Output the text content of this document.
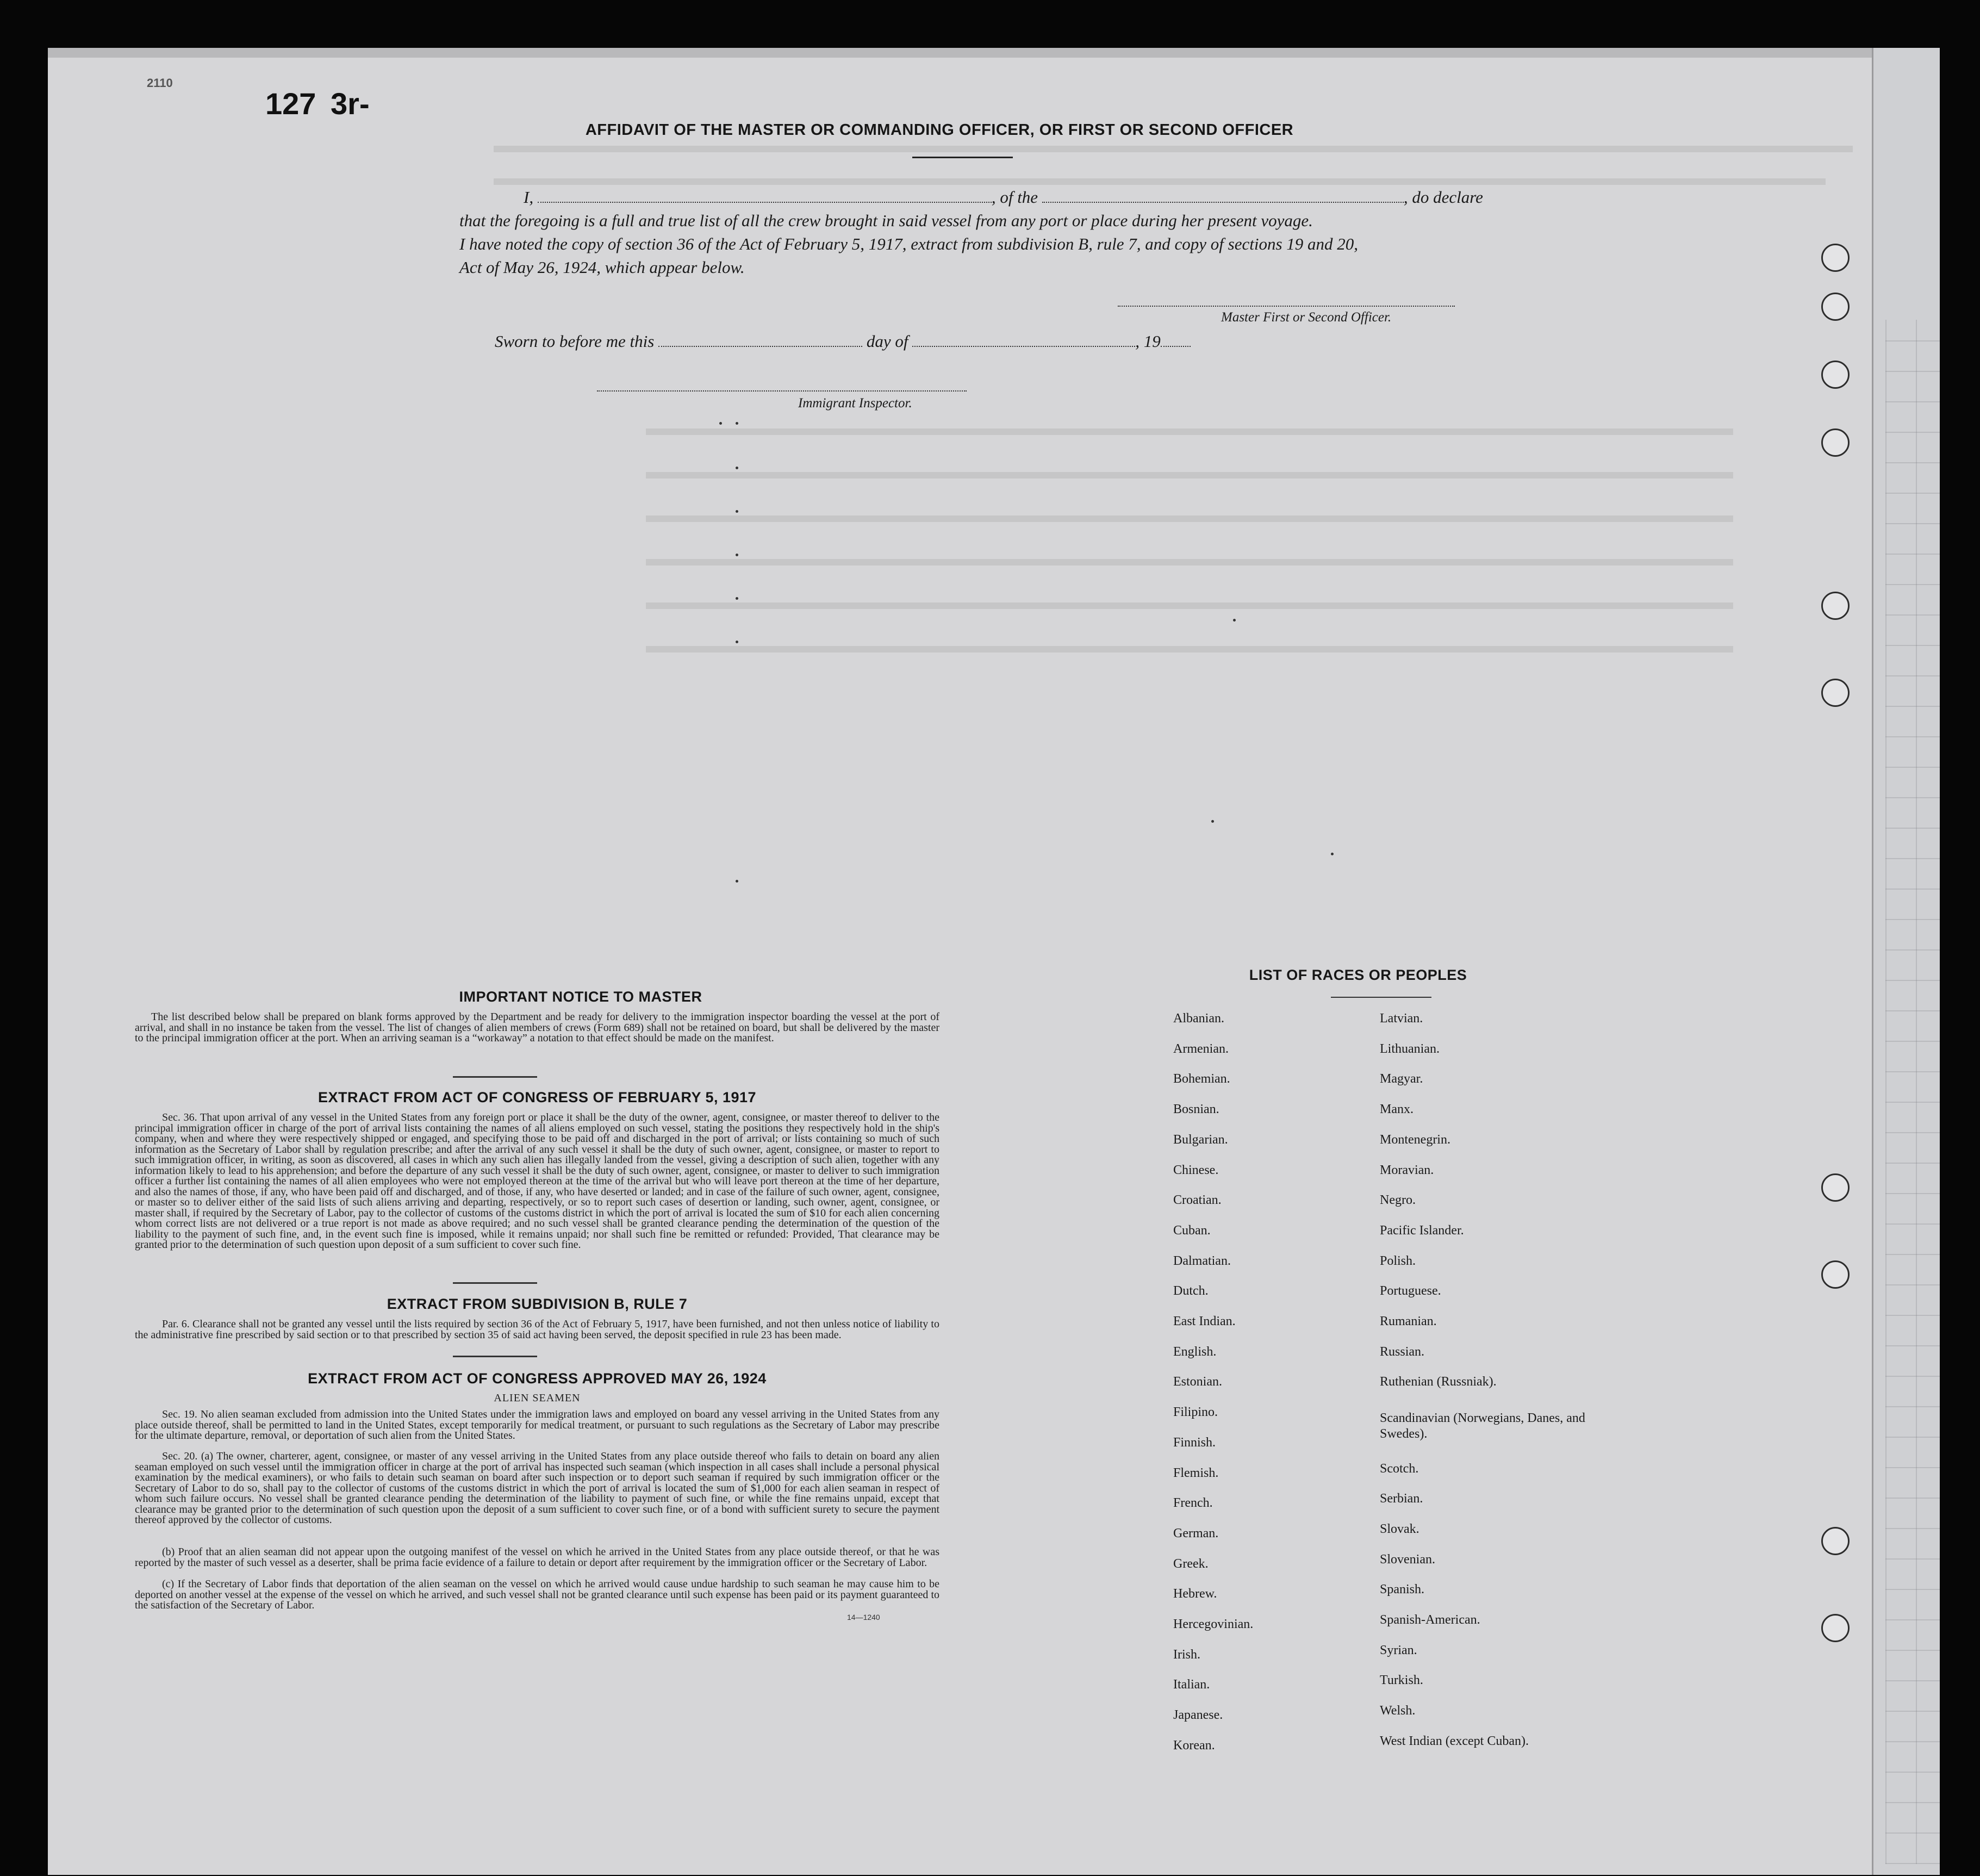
2110
127 3r-
AFFIDAVIT OF THE MASTER OR COMMANDING OFFICER, OR FIRST OR SECOND OFFICER
I,	, of the	, do declare
that the foregoing is a full and true list of all the crew brought in said vessel from any port or place during her present voyage.
I have noted the copy of section 36 of the Act of February 5, 1917, extract from subdivision B, rule 7, and copy of sections 19 and 20,
Act of May 26, 1924, which appear below.
Master First or Second Officer.
Sworn to before me this	day of	, 19
Immigrant Inspector.
IMPORTANT NOTICE TO MASTER
The list described below shall be prepared on blank forms approved by the Department and be ready for delivery to the immigration inspector boarding the vessel at the port of arrival, and shall in no instance be taken from the vessel. The list of changes of alien members of crews (Form 689) shall not be retained on board, but shall be delivered by the master to the principal immigration officer at the port. When an arriving seaman is a “workaway” a notation to that effect should be made on the manifest.
EXTRACT FROM ACT OF CONGRESS OF FEBRUARY 5, 1917
Sec. 36. That upon arrival of any vessel in the United States from any foreign port or place it shall be the duty of the owner, agent, consignee, or master thereof to deliver to the principal immigration officer in charge of the port of arrival lists containing the names of all aliens employed on such vessel, stating the positions they respectively hold in the ship's company, when and where they were respectively shipped or engaged, and specifying those to be paid off and discharged in the port of arrival; or lists containing so much of such information as the Secretary of Labor shall by regulation prescribe; and after the arrival of any such vessel it shall be the duty of such owner, agent, consignee, or master to report to such immigration officer, in writing, as soon as discovered, all cases in which any such alien has illegally landed from the vessel, giving a description of such alien, together with any information likely to lead to his apprehension; and before the departure of any such vessel it shall be the duty of such owner, agent, consignee, or master to deliver to such immigration officer a further list containing the names of all alien employees who were not employed thereon at the time of the arrival but who will leave port thereon at the time of her departure, and also the names of those, if any, who have been paid off and discharged, and of those, if any, who have deserted or landed; and in case of the failure of such owner, agent, consignee, or master so to deliver either of the said lists of such aliens arriving and departing, respectively, or so to report such cases of desertion or landing, such owner, agent, consignee, or master shall, if required by the Secretary of Labor, pay to the collector of customs of the customs district in which the port of arrival is located the sum of $10 for each alien concerning whom correct lists are not delivered or a true report is not made as above required; and no such vessel shall be granted clearance pending the determination of the question of the liability to the payment of such fine, and, in the event such fine is imposed, while it remains unpaid; nor shall such fine be remitted or refunded: Provided, That clearance may be granted prior to the determination of such question upon deposit of a sum sufficient to cover such fine.
EXTRACT FROM SUBDIVISION B, RULE 7
Par. 6. Clearance shall not be granted any vessel until the lists required by section 36 of the Act of February 5, 1917, have been furnished, and not then unless notice of liability to the administrative fine prescribed by said section or to that prescribed by section 35 of said act having been served, the deposit specified in rule 23 has been made.
EXTRACT FROM ACT OF CONGRESS APPROVED MAY 26, 1924
ALIEN SEAMEN
Sec. 19. No alien seaman excluded from admission into the United States under the immigration laws and employed on board any vessel arriving in the United States from any place outside thereof, shall be permitted to land in the United States, except temporarily for medical treatment, or pursuant to such regulations as the Secretary of Labor may prescribe for the ultimate departure, removal, or deportation of such alien from the United States.
Sec. 20. (a) The owner, charterer, agent, consignee, or master of any vessel arriving in the United States from any place outside thereof who fails to detain on board any alien seaman employed on such vessel until the immigration officer in charge at the port of arrival has inspected such seaman (which inspection in all cases shall include a personal physical examination by the medical examiners), or who fails to detain such seaman on board after such inspection or to deport such seaman if required by such immigration officer or the Secretary of Labor to do so, shall pay to the collector of customs of the customs district in which the port of arrival is located the sum of $1,000 for each alien seaman in respect of whom such failure occurs. No vessel shall be granted clearance pending the determination of the liability to payment of such fine, or while the fine remains unpaid, except that clearance may be granted prior to the determination of such question upon the deposit of a sum sufficient to cover such fine, or of a bond with sufficient surety to secure the payment thereof approved by the collector of customs.
(b) Proof that an alien seaman did not appear upon the outgoing manifest of the vessel on which he arrived in the United States from any place outside thereof, or that he was reported by the master of such vessel as a deserter, shall be prima facie evidence of a failure to detain or deport after requirement by the immigration officer or the Secretary of Labor.
(c) If the Secretary of Labor finds that deportation of the alien seaman on the vessel on which he arrived would cause undue hardship to such seaman he may cause him to be deported on another vessel at the expense of the vessel on which he arrived, and such vessel shall not be granted clearance until such expense has been paid or its payment guaranteed to the satisfaction of the Secretary of Labor.
14—1240
LIST OF RACES OR PEOPLES
Albanian.
Armenian.
Bohemian.
Bosnian.
Bulgarian.
Chinese.
Croatian.
Cuban.
Dalmatian.
Dutch.
East Indian.
English.
Estonian.
Filipino.
Finnish.
Flemish.
French.
German.
Greek.
Hebrew.
Hercegovinian.
Irish.
Italian.
Japanese.
Korean.
Latvian.
Lithuanian.
Magyar.
Manx.
Montenegrin.
Moravian.
Negro.
Pacific Islander.
Polish.
Portuguese.
Rumanian.
Russian.
Ruthenian (Russniak).
Scandinavian (Norwegians, Danes, and Swedes).
Scotch.
Serbian.
Slovak.
Slovenian.
Spanish.
Spanish-American.
Syrian.
Turkish.
Welsh.
West Indian (except Cuban).
